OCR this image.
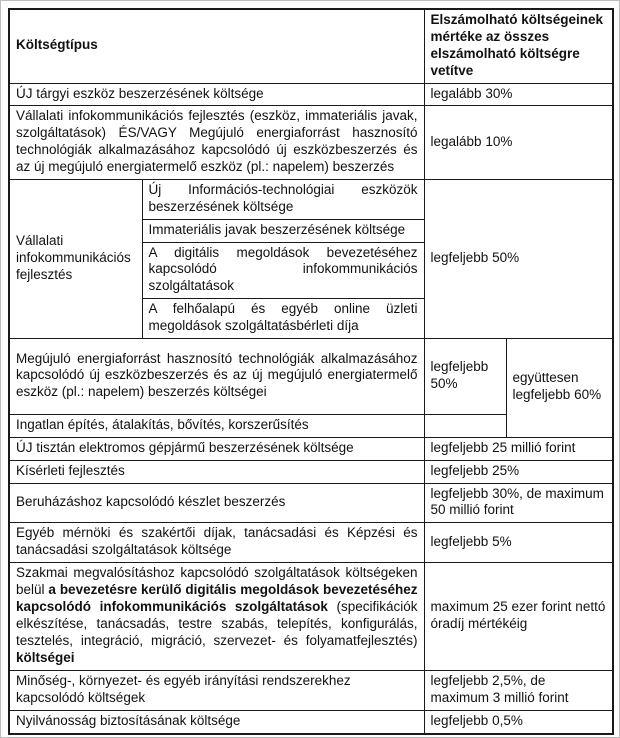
Költségtípus		Elszámolható költségeinek mértéke az összes elszámolható költségre vetítve	
ÚJ tárgyi eszköz beszerzésének költsége		legalább 30%	
Vállalati infokommunikációs fejlesztés (eszköz, immateriális javak, szolgáltatások) ÉS/VAGY Megújuló energiaforrást hasznosító technológiák alkalmazásához kapcsolódó új eszközbeszerzés és az új megújuló energiatermelő eszköz (pl.: napelem) beszerzés		legalább 10%	
Vállalati infokommunikációs fejlesztés	Új Információs-technológiai eszközök beszerzésének költsége	legfeljebb 50%	
	Immateriális javak beszerzésének költsége		
	A digitális megoldások bevezetéséhez kapcsolódó infokommunikációs szolgáltatások		
	A felhőalapú és egyéb online üzleti megoldások szolgáltatásbérleti díja		
Megújuló energiaforrást hasznosító technológiák alkalmazásához kapcsolódó új eszközbeszerzés és az új megújuló energiatermelő eszköz (pl.: napelem) beszerzés költségei		legfeljebb 50%	együttesen legfeljebb 60%
Ingatlan építés, átalakítás, bővítés, korszerűsítés			
ÚJ tisztán elektromos gépjármű beszerzésének költsége		legfeljebb 25 millió forint	
Kísérleti fejlesztés		legfeljebb 25%	
Beruházáshoz kapcsolódó készlet beszerzés		legfeljebb 30%, de maximum 50 millió forint	
Egyéb mérnöki és szakértői díjak, tanácsadási és Képzési és tanácsadási szolgáltatások költsége		legfeljebb 5%	
Szakmai megvalósításhoz kapcsolódó szolgáltatások költségeken belül a bevezetésre kerülő digitális megoldások bevezetéséhez kapcsolódó infokommunikációs szolgáltatások (specifikációk elkészítése, tanácsadás, testre szabás, telepítés, konfigurálás, tesztelés, integráció, migráció, szervezet- és folyamatfejlesztés) költségei		maximum 25 ezer forint nettó óradíj mértékéig	
Minőség-, környezet- és egyéb irányítási rendszerekhez kapcsolódó költségek		legfeljebb 2,5%, de maximum 3 millió forint	
Nyilvánosság biztosításának költsége		legfeljebb 0,5%	
